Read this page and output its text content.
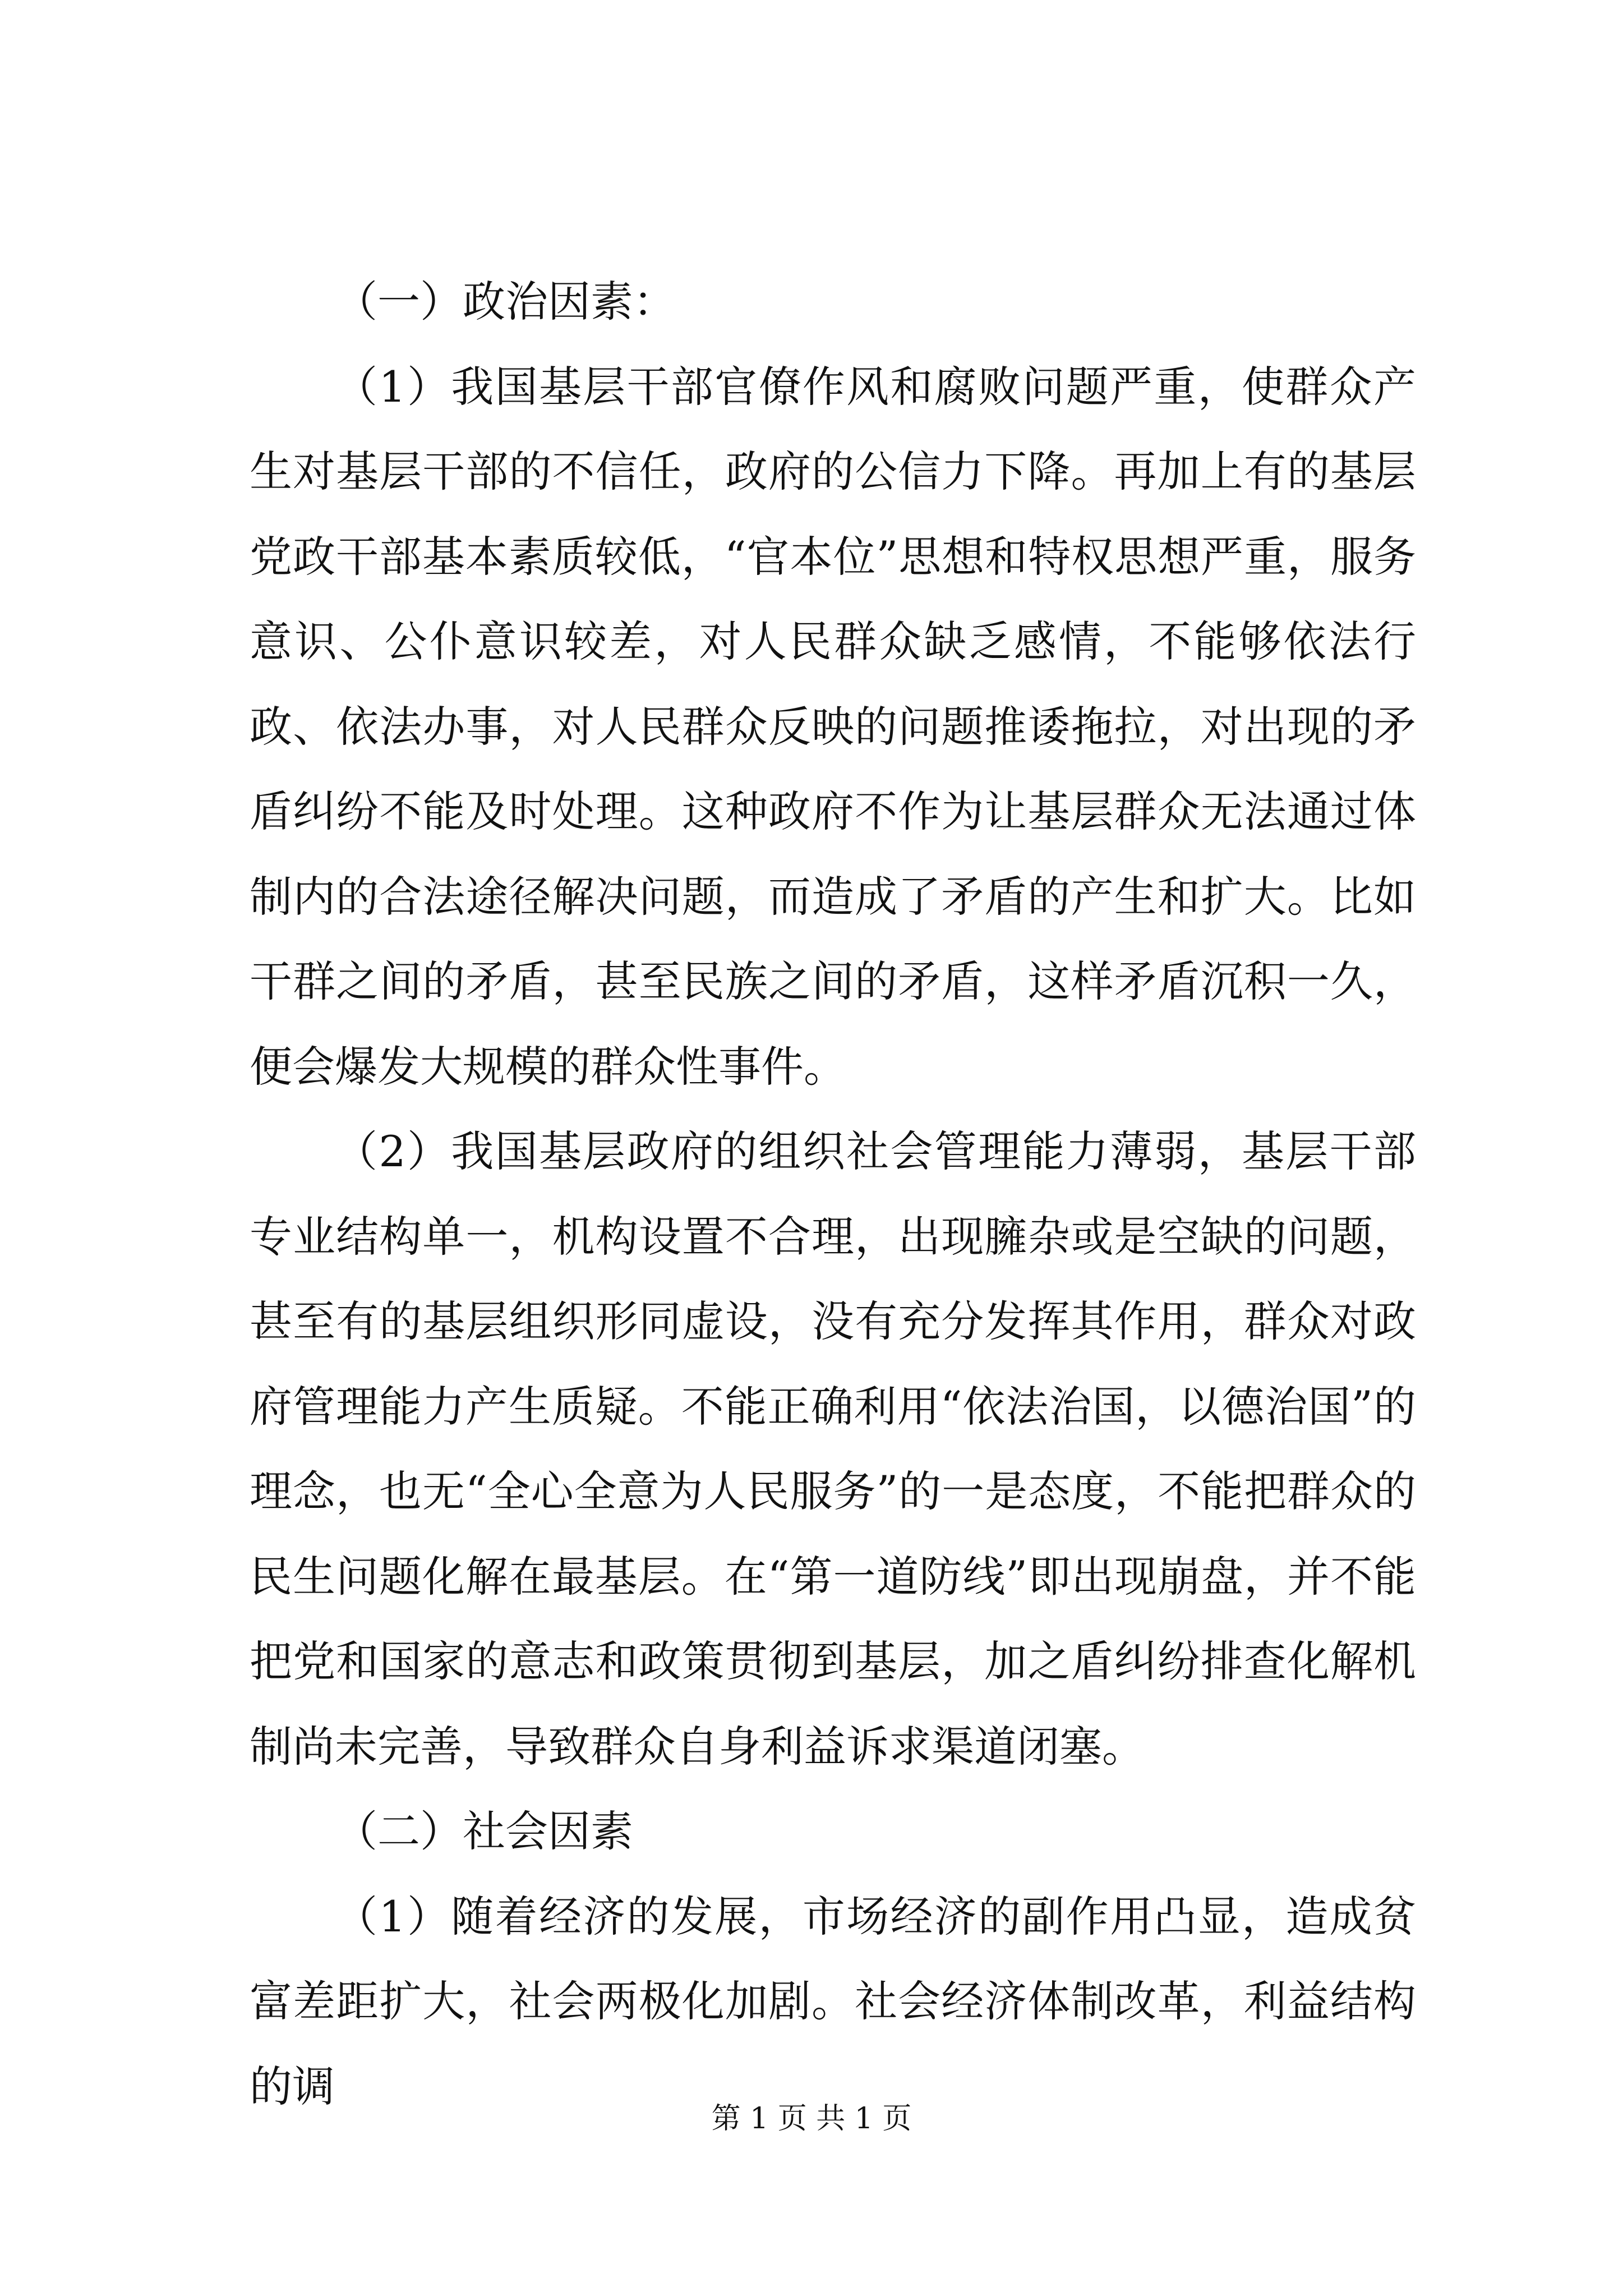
（一）政治因素：

（1）我国基层干部官僚作风和腐败问题严重，使群众产生对基层干部的不信任，政府的公信力下降。再加上有的基层党政干部基本素质较低，“官本位”思想和特权思想严重，服务意识、公仆意识较差，对人民群众缺乏感情，不能够依法行政、依法办事，对人民群众反映的问题推诿拖拉，对出现的矛盾纠纷不能及时处理。这种政府不作为让基层群众无法通过体制内的合法途径解决问题，而造成了矛盾的产生和扩大。比如干群之间的矛盾，甚至民族之间的矛盾，这样矛盾沉积一久，便会爆发大规模的群众性事件。

（2）我国基层政府的组织社会管理能力薄弱，基层干部专业结构单一，机构设置不合理，出现臃杂或是空缺的问题，甚至有的基层组织形同虚设，没有充分发挥其作用，群众对政府管理能力产生质疑。不能正确利用“依法治国，以德治国”的理念，也无“全心全意为人民服务”的一是态度，不能把群众的民生问题化解在最基层。在“第一道防线”即出现崩盘，并不能把党和国家的意志和政策贯彻到基层，加之盾纠纷排查化解机制尚未完善，导致群众自身利益诉求渠道闭塞。

（二）社会因素

（1）随着经济的发展，市场经济的副作用凸显，造成贫富差距扩大，社会两极化加剧。社会经济体制改革，利益结构的调

第 1 页 共 1 页
